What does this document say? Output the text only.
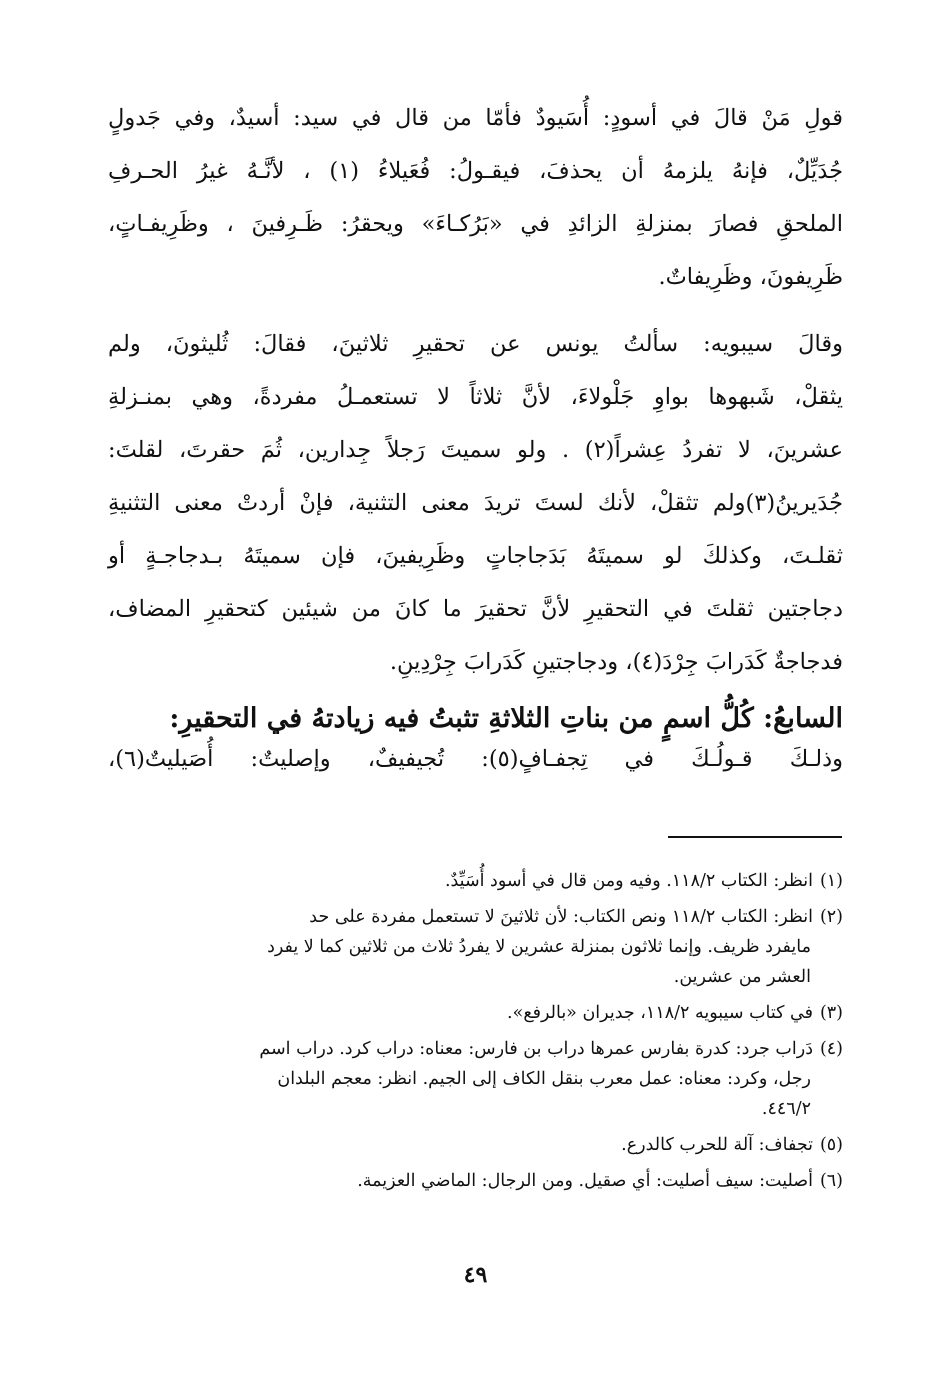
قولِ مَنْ قالَ في أسودٍ: أُسَيودٌ فأمّا من قال في سيد: أسيدٌ، وفي جَدولٍ
جُدَيِّلٌ، فإنهُ يلزمهُ أن يحذفَ، فيقـولُ: فُعَيلاءُ (١) ، لأنَّـهُ غيرُ الحـرفِ
الملحقِ فصارَ بمنزلةِ الزائدِ في «بَرُكـاءَ» ويحقرُ: ظَـرِفينَ ، وظَرِيفـاتٍ،
ظَرِيفونَ، وظَرِيفاتٌ.
وقالَ سيبويه: سألتُ يونس عن تحقيرِ ثلاثينَ، فقالَ: ثُليثونَ، ولم
يثقلْ، شَبهوها بواوِ جَلْولاءَ، لأنَّ ثلاثاً لا تستعمـلُ مفردةً، وهي بمنـزلةِ
عشرينَ، لا تفردُ عِشراً(٢) . ولو سميتَ رَجلاً جِدارين، ثُمَ حقرتَ، لقلتَ:
جُدَيرينُ(٣)ولم تثقلْ، لأنك لستَ تريدَ معنى التثنية، فإنْ أردتْ معنى التثنيةِ
ثقلـتَ، وكذلكَ لو سميتَهُ بَدَجاجاتٍ وظَرِيفينَ، فإن سميتَهُ بـدجاجـةٍ أو
دجاجتين ثقلتَ في التحقيرِ لأنَّ تحقيرَ ما كانَ من شيئين كتحقيرِ المضاف،
فدجاجةٌ كَدَرابَ جِرْدَ(٤)، ودجاجتينِ كَدَرابَ جِرْدِينِ.
السابعُ: كُلُّ اسمٍ من بناتِ الثلاثةِ تثبتُ فيه زيادتهُ في التحقيرِ:

وذلـكَ قـولُـكَ في تِجفـافٍ(٥): تُجيفيفٌ، وإصليتٌ: أُصَيليتٌ(٦)،

(١)انظر: الكتاب ١١٨/٢. وفيه ومن قال في أسود أُسَيِّدٌ.
(٢)انظر: الكتاب ١١٨/٢ ونص الكتاب: لأن ثلاثينَ لا تستعمل مفردة على حد
مايفرد ظريف. وإنما ثلاثون بمنزلة عشرين لا يفردُ ثلاث من ثلاثين كما لا يفرد
العشر من عشرين.
(٣)في كتاب سيبويه ١١٨/٢، جديران «بالرفع».
(٤)دَراب جرد: كدرة بفارس عمرها دراب بن فارس: معناه: دراب كرد. دراب اسم
رجل، وكرد: معناه: عمل معرب بنقل الكاف إلى الجيم. انظر: معجم البلدان
٤٤٦/٢.
(٥)تجفاف: آلة للحرب كالدرع.
(٦)أصليت: سيف أصليت: أي صقيل. ومن الرجال: الماضي العزيمة.
٤٩
